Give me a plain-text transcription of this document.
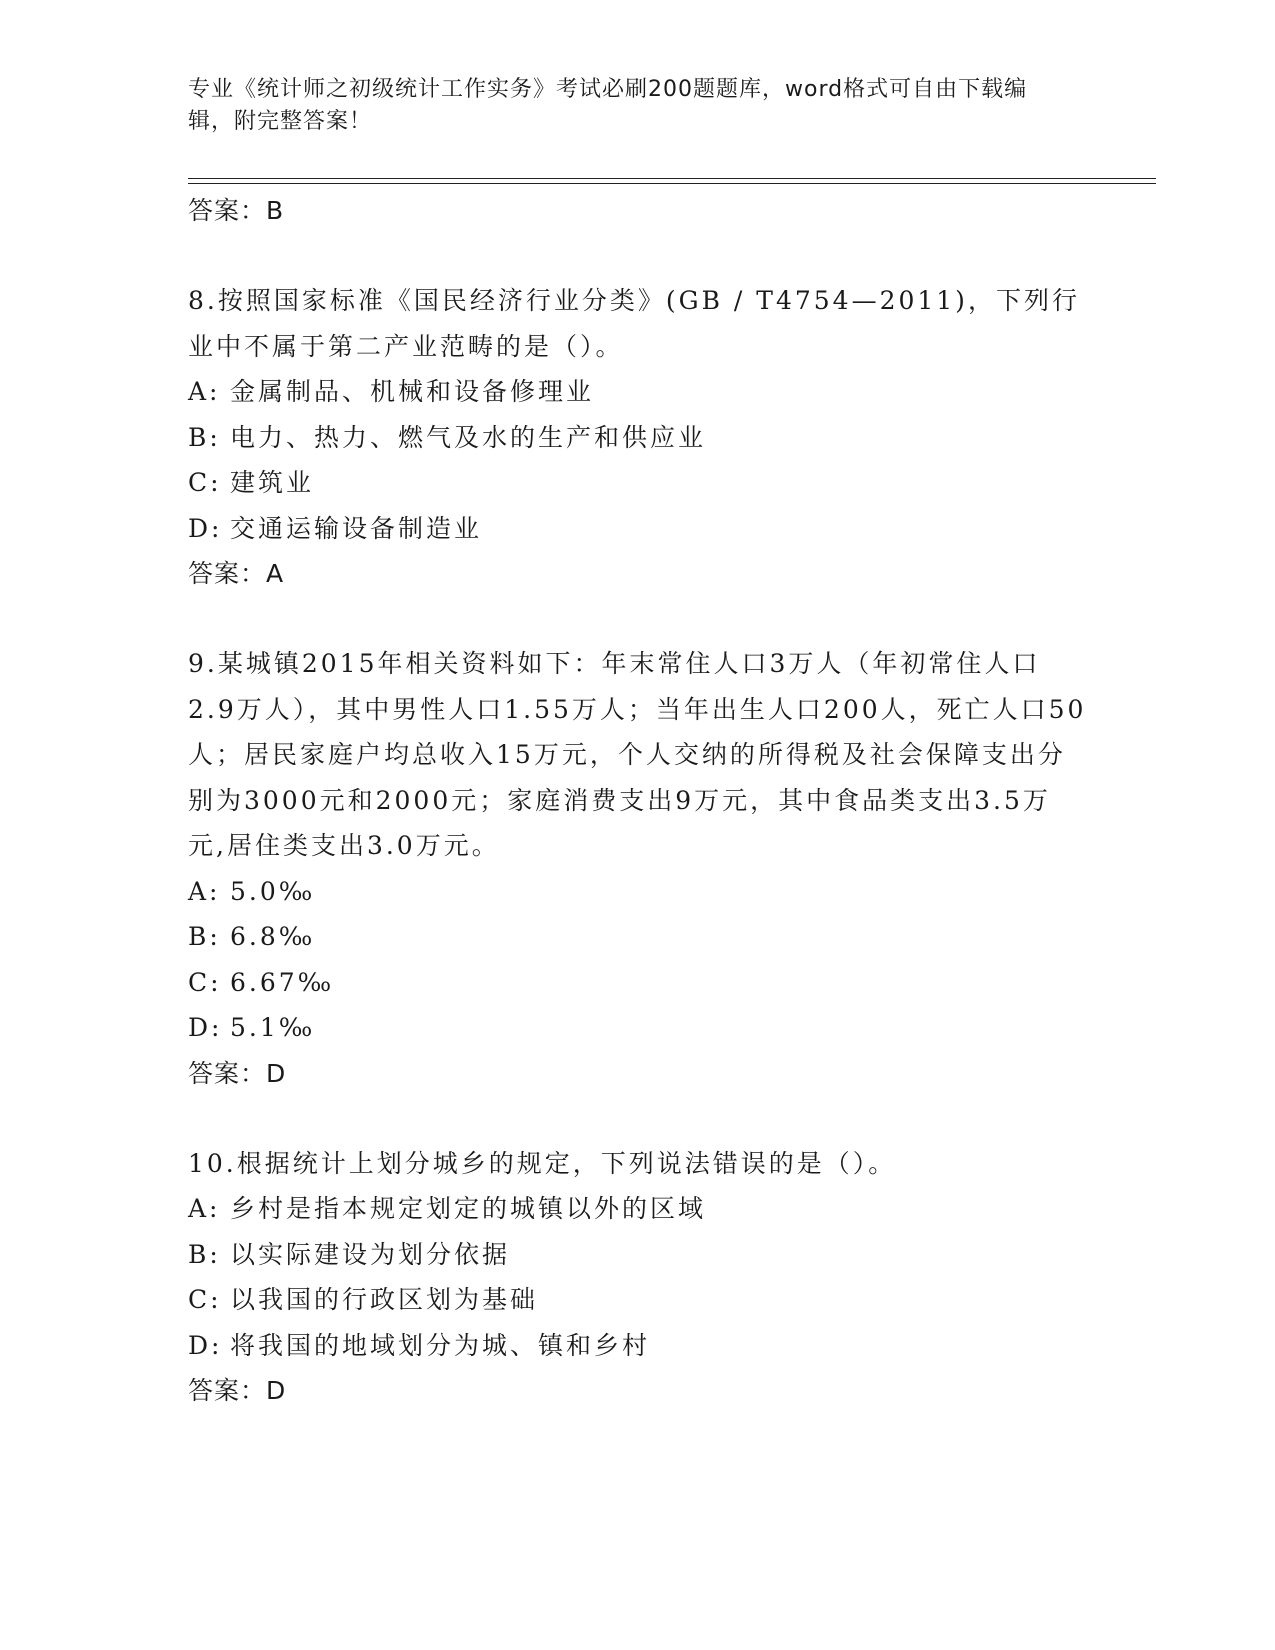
专业《统计师之初级统计工作实务》考试必刷200题题库，word格式可自由下载编辑，附完整答案！
答案：B

8.按照国家标准《国民经济行业分类》(GB / T4754—2011)，下列行业中不属于第二产业范畴的是（）。

A: 金属制品、机械和设备修理业
B: 电力、热力、燃气及水的生产和供应业
C: 建筑业
D: 交通运输设备制造业
答案：A

9.某城镇2015年相关资料如下：年末常住人口3万人（年初常住人口2.9万人），其中男性人口1.55万人；当年出生人口200人，死亡人口50人；居民家庭户均总收入15万元，个人交纳的所得税及社会保障支出分别为3000元和2000元；家庭消费支出9万元，其中食品类支出3.5万元,居住类支出3.0万元。

A: 5.0‰
B: 6.8‰
C: 6.67‰
D: 5.1‰
答案：D

10.根据统计上划分城乡的规定，下列说法错误的是（）。

A: 乡村是指本规定划定的城镇以外的区域
B: 以实际建设为划分依据
C: 以我国的行政区划为基础
D: 将我国的地域划分为城、镇和乡村
答案：D
